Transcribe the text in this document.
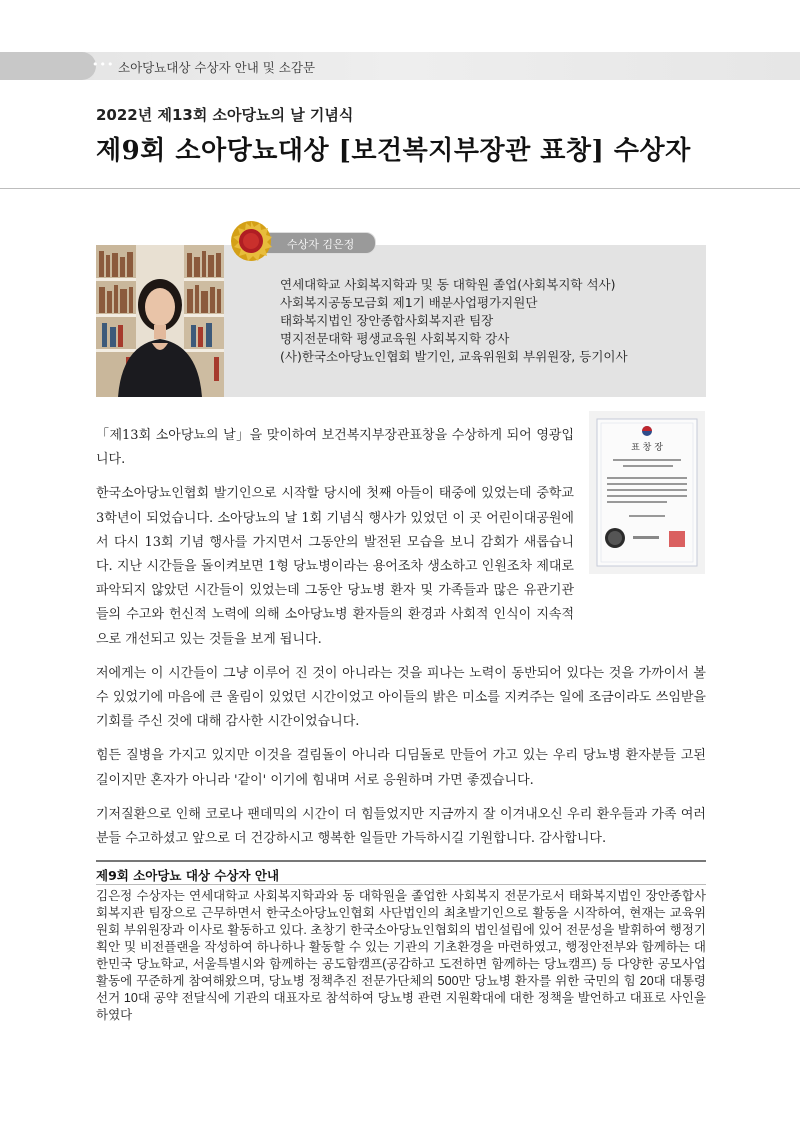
••• 소아당뇨대상 수상자 안내 및 소감문
2022년 제13회 소아당뇨의 날 기념식
제9회 소아당뇨대상 [보건복지부장관 표창] 수상자
수상자 김은정
연세대학교 사회복지학과 및 동 대학원 졸업(사회복지학 석사)
사회복지공동모금회 제1기 배분사업평가지원단
태화복지법인 장안종합사회복지관 팀장
명지전문대학 평생교육원 사회복지학 강사
(사)한국소아당뇨인협회 발기인, 교육위원회 부위원장, 등기이사
표 창 장

「제13회 소아당뇨의 날」을 맞이하여 보건복지부장관표창을 수상하게 되어 영광입니다.

한국소아당뇨인협회 발기인으로 시작할 당시에 첫째 아들이 태중에 있었는데 중학교 3학년이 되었습니다. 소아당뇨의 날 1회 기념식 행사가 있었던 이 곳 어린이대공원에서 다시 13회 기념 행사를 가지면서 그동안의 발전된 모습을 보니 감회가 새롭습니다. 지난 시간들을 돌이켜보면 1형 당뇨병이라는 용어조차 생소하고 인원조차 제대로 파악되지 않았던 시간들이 있었는데 그동안 당뇨병 환자 및 가족들과 많은 유관기관들의 수고와 헌신적 노력에 의해 소아당뇨병 환자들의 환경과 사회적 인식이 지속적으로 개선되고 있는 것들을 보게 됩니다.

저에게는 이 시간들이 그냥 이루어 진 것이 아니라는 것을 피나는 노력이 동반되어 있다는 것을 가까이서 볼 수 있었기에 마음에 큰 울림이 있었던 시간이었고 아이들의 밝은 미소를 지켜주는 일에 조금이라도 쓰임받을 기회를 주신 것에 대해 감사한 시간이었습니다.

힘든 질병을 가지고 있지만 이것을 걸림돌이 아니라 디딤돌로 만들어 가고 있는 우리 당뇨병 환자분들 고된 길이지만 혼자가 아니라 '같이' 이기에 힘내며 서로 응원하며 가면 좋겠습니다.

기저질환으로 인해 코로나 팬데믹의 시간이 더 힘들었지만 지금까지 잘 이겨내오신 우리 환우들과 가족 여러분들 수고하셨고 앞으로 더 건강하시고 행복한 일들만 가득하시길 기원합니다. 감사합니다.

제9회 소아당뇨 대상 수상자 안내

김은정 수상자는 연세대학교 사회복지학과와 동 대학원을 졸업한 사회복지 전문가로서 태화복지법인 장안종합사회복지관 팀장으로 근무하면서 한국소아당뇨인협회 사단법인의 최초발기인으로 활동을 시작하여, 현재는 교육위원회 부위원장과 이사로 활동하고 있다. 초창기 한국소아당뇨인협회의 법인설립에 있어 전문성을 발휘하여 행정기획안 및 비전플랜을 작성하여 하나하나 활동할 수 있는 기관의 기초환경을 마련하였고, 행정안전부와 함께하는 대한민국 당뇨학교, 서울특별시와 함께하는 공도함캠프(공감하고 도전하면 함께하는 당뇨캠프) 등 다양한 공모사업 활동에 꾸준하게 참여해왔으며, 당뇨병 정책추진 전문가단체의 500만 당뇨병 환자를 위한 국민의 힘 20대 대통령 선거 10대 공약 전달식에 기관의 대표자로 참석하여 당뇨병 관련 지원확대에 대한 정책을 발언하고 대표로 사인을 하였다
